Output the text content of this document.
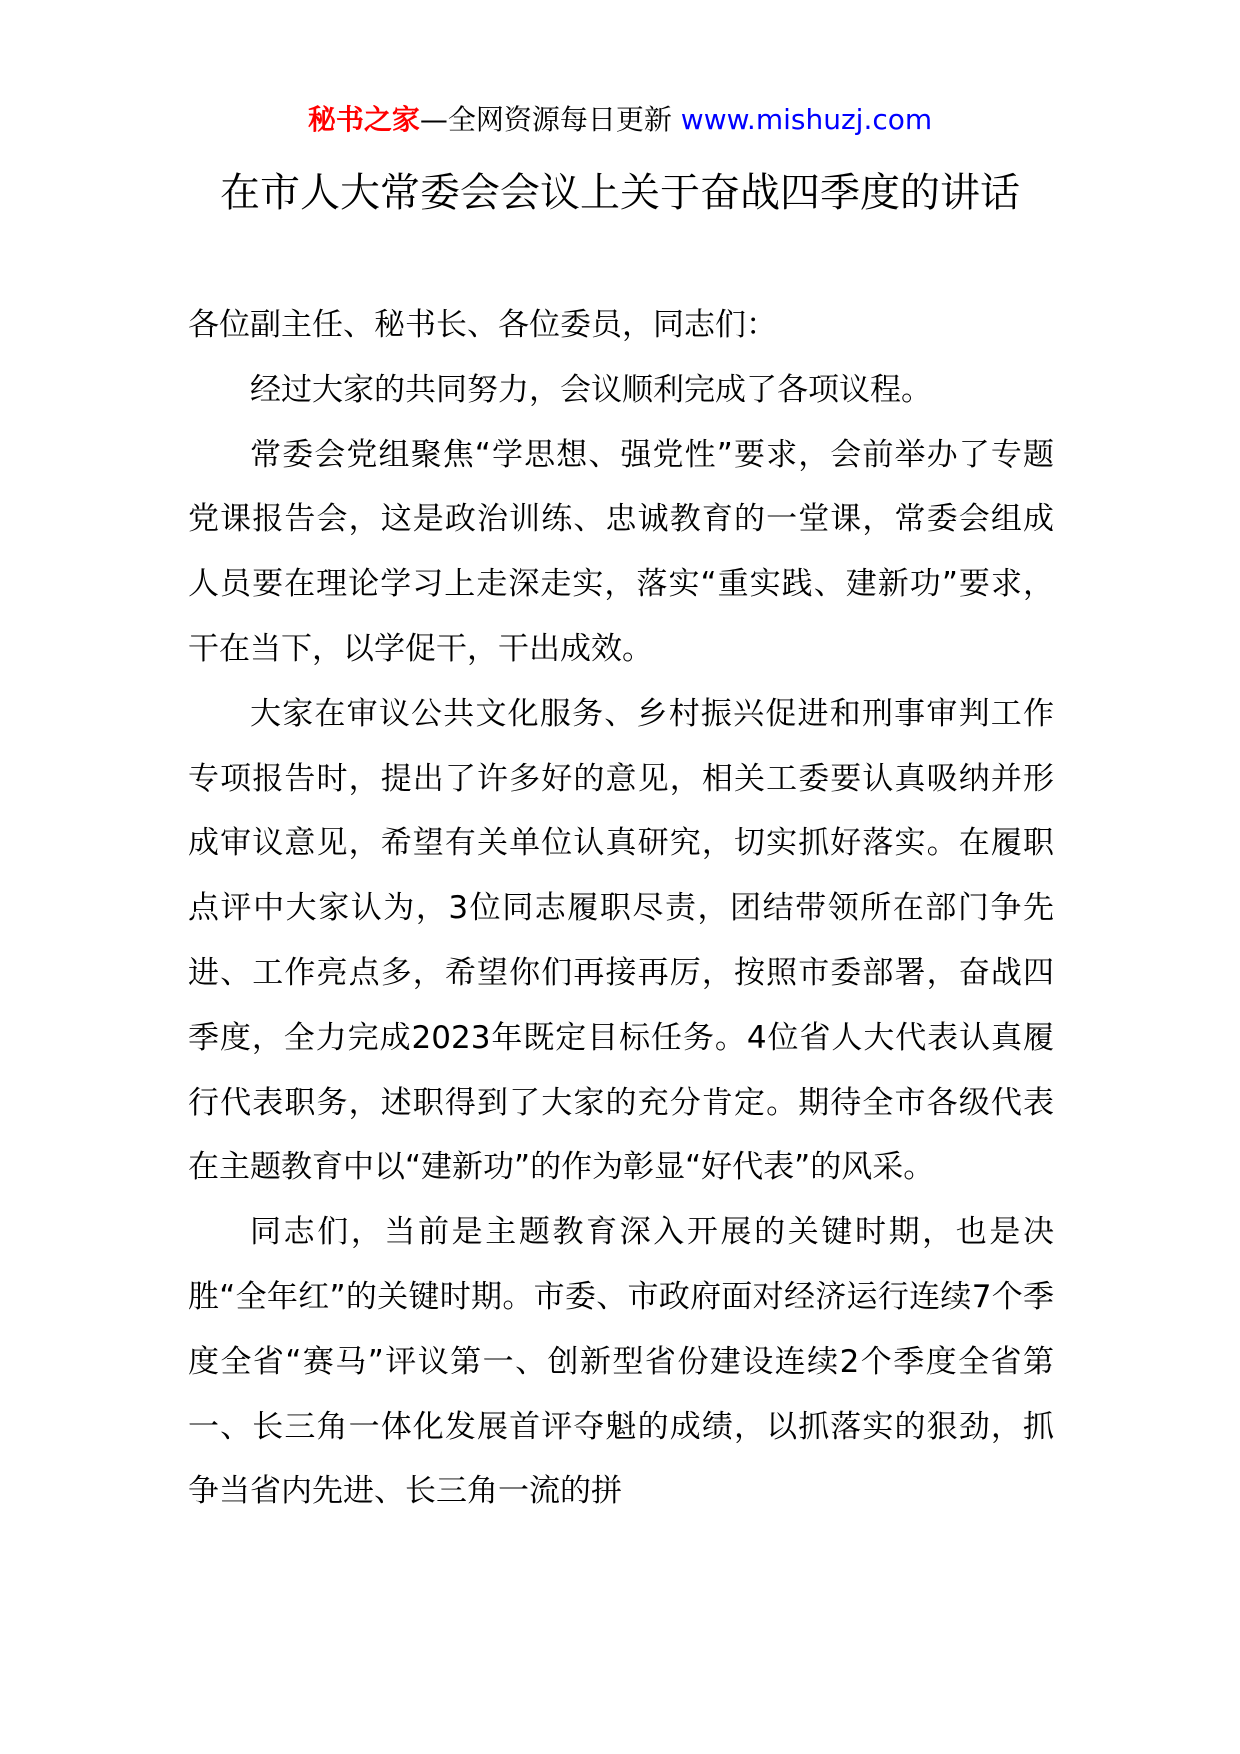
秘书之家—全网资源每日更新 www.mishuzj.com
在市人大常委会会议上关于奋战四季度的讲话

各位副主任、秘书长、各位委员，同志们：

经过大家的共同努力，会议顺利完成了各项议程。

常委会党组聚焦“学思想、强党性”要求，会前举办了专题党课报告会，这是政治训练、忠诚教育的一堂课，常委会组成人员要在理论学习上走深走实，落实“重实践、建新功”要求，干在当下，以学促干，干出成效。

大家在审议公共文化服务、乡村振兴促进和刑事审判工作专项报告时，提出了许多好的意见，相关工委要认真吸纳并形成审议意见，希望有关单位认真研究，切实抓好落实。在履职点评中大家认为，3位同志履职尽责，团结带领所在部门争先进、工作亮点多，希望你们再接再厉，按照市委部署，奋战四季度，全力完成2023年既定目标任务。4位省人大代表认真履行代表职务，述职得到了大家的充分肯定。期待全市各级代表在主题教育中以“建新功”的作为彰显“好代表”的风采。

同志们，当前是主题教育深入开展的关键时期，也是决胜“全年红”的关键时期。市委、市政府面对经济运行连续7个季度全省“赛马”评议第一、创新型省份建设连续2个季度全省第一、长三角一体化发展首评夺魁的成绩，以抓落实的狠劲，抓争当省内先进、长三角一流的拼
